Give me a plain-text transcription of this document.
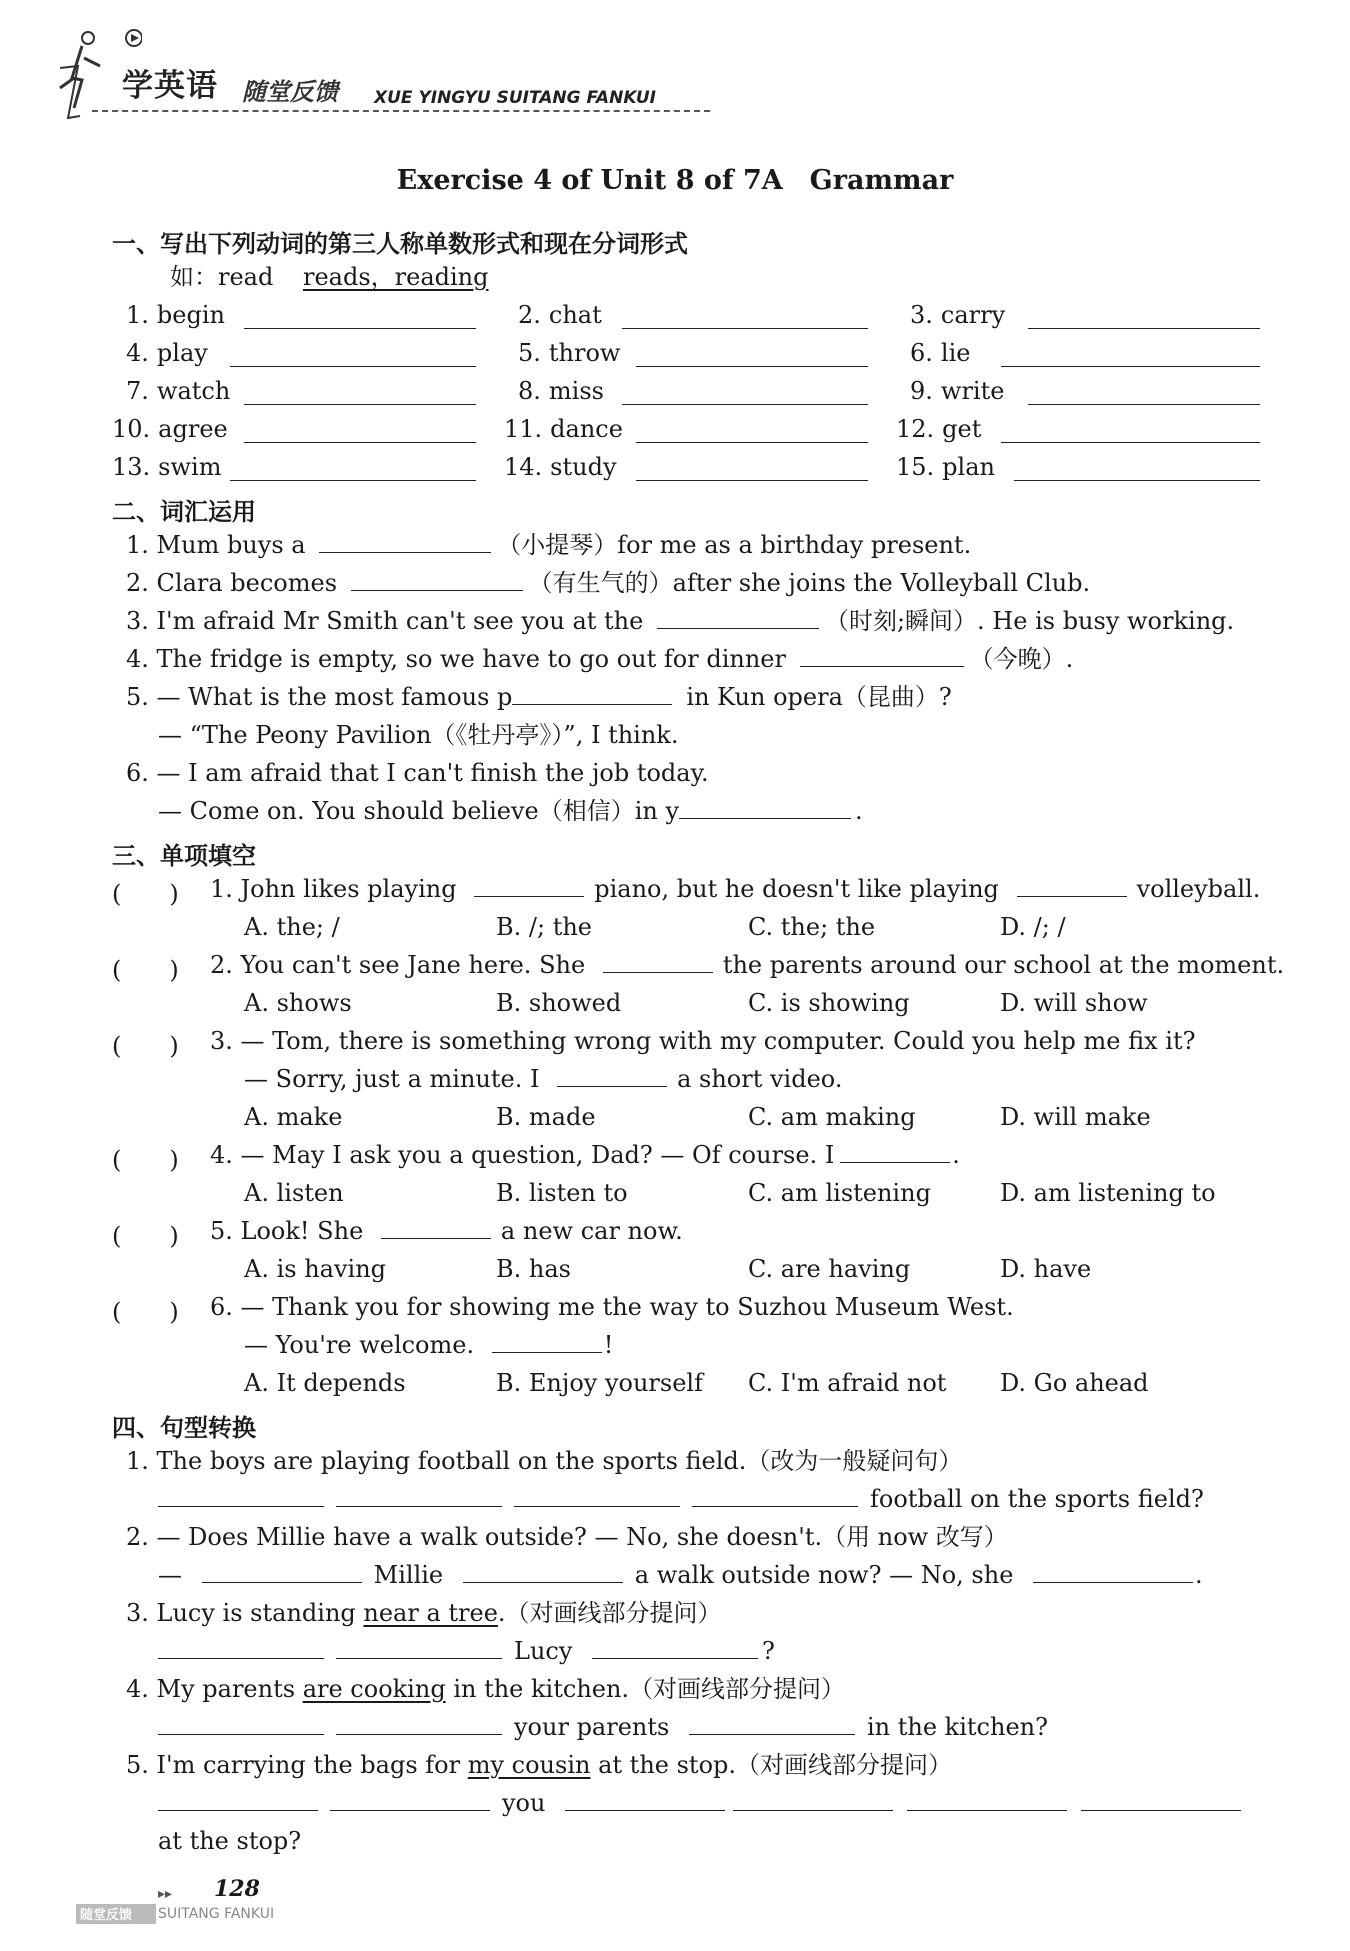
学英语 随堂反馈 XUE YINGYU SUITANG FANKUI
Exercise 4 of Unit 8 of 7A　Grammar
一、写出下列动词的第三人称单数形式和现在分词形式
如：read reads，reading
1. begin	2. chat	3. carry
4. play	5. throw	6. lie
7. watch	8. miss	9. write
10. agree	11. dance	12. get
13. swim	14. study	15. plan
二、词汇运用
1. Mum buys a	（小提琴）for me as a birthday present.
2. Clara becomes	（有生气的）after she joins the Volleyball Club.
3. I'm afraid Mr Smith can't see you at the	（时刻;瞬间）. He is busy working.
4. The fridge is empty, so we have to go out for dinner	（今晚）.
5. — What is the most famous p	in Kun opera（昆曲）?
— “The Peony Pavilion（《牡丹亭》）”, I think.
6. — I am afraid that I can't finish the job today.
— Come on. You should believe（相信）in y	.
三、单项填空
(　　) 1. John likes playing	piano, but he doesn't like playing	volleyball.
A. the; /	B. /; the	C. the; the	D. /; /
(　　) 2. You can't see Jane here. She	the parents around our school at the moment.
A. shows	B. showed	C. is showing	D. will show
(　　) 3. — Tom, there is something wrong with my computer. Could you help me fix it?
— Sorry, just a minute. I	a short video.
A. make	B. made	C. am making	D. will make
(　　) 4. — May I ask you a question, Dad? — Of course. I	.
A. listen	B. listen to	C. am listening	D. am listening to
(　　) 5. Look! She	a new car now.
A. is having	B. has	C. are having	D. have
(　　) 6. — Thank you for showing me the way to Suzhou Museum West.
— You're welcome.	!
A. It depends	B. Enjoy yourself C. I'm afraid not D. Go ahead
四、句型转换
1. The boys are playing football on the sports field.（改为一般疑问句）
football on the sports field?
2. — Does Millie have a walk outside? — No, she doesn't.（用 now 改写）
—	Millie	a walk outside now? — No, she	.
3. Lucy is standing near a tree.（对画线部分提问）
Lucy	?
4. My parents are cooking in the kitchen.（对画线部分提问）
your parents	in the kitchen?
5. I'm carrying the bags for my cousin at the stop.（对画线部分提问）
you
at the stop?
▸▸ 128
随堂反馈	SUITANG FANKUI
